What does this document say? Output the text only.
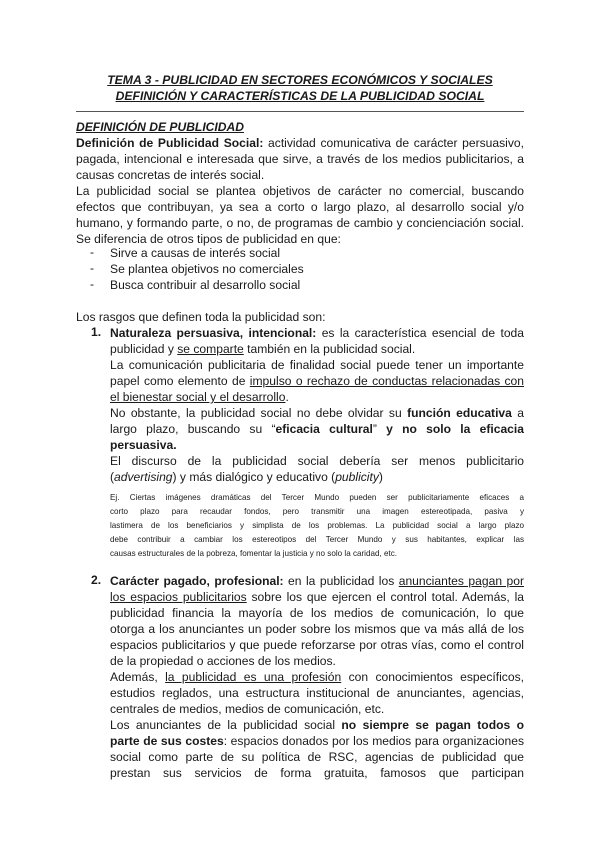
TEMA 3 - PUBLICIDAD EN SECTORES ECONÓMICOS Y SOCIALES
DEFINICIÓN Y CARACTERÍSTICAS DE LA PUBLICIDAD SOCIAL
DEFINICIÓN DE PUBLICIDAD
Definición de Publicidad Social: actividad comunicativa de carácter persuasivo,
pagada, intencional e interesada que sirve, a través de los medios publicitarios, a
causas concretas de interés social.
La publicidad social se plantea objetivos de carácter no comercial, buscando
efectos que contribuyan, ya sea a corto o largo plazo, al desarrollo social y/o
humano, y formando parte, o no, de programas de cambio y concienciación social.
Se diferencia de otros tipos de publicidad en que:
- Sirve a causas de interés social
- Se plantea objetivos no comerciales
- Busca contribuir al desarrollo social
Los rasgos que definen toda la publicidad son:
1. Naturaleza persuasiva, intencional: es la característica esencial de toda
publicidad y se comparte también en la publicidad social.
La comunicación publicitaria de finalidad social puede tener un importante
papel como elemento de impulso o rechazo de conductas relacionadas con
el bienestar social y el desarrollo.
No obstante, la publicidad social no debe olvidar su función educativa a
largo plazo, buscando su “eficacia cultural” y no solo la eficacia
persuasiva.
El discurso de la publicidad social debería ser menos publicitario
(advertising) y más dialógico y educativo (publicity)
Ej. Ciertas imágenes dramáticas del Tercer Mundo pueden ser publicitariamente eficaces a
corto plazo para recaudar fondos, pero transmitir una imagen estereotipada, pasiva y
lastimera de los beneficiarios y simplista de los problemas. La publicidad social a largo plazo
debe contribuir a cambiar los estereotipos del Tercer Mundo y sus habitantes, explicar las
causas estructurales de la pobreza, fomentar la justicia y no solo la caridad, etc.
2. Carácter pagado, profesional: en la publicidad los anunciantes pagan por
los espacios publicitarios sobre los que ejercen el control total. Además, la
publicidad financia la mayoría de los medios de comunicación, lo que
otorga a los anunciantes un poder sobre los mismos que va más allá de los
espacios publicitarios y que puede reforzarse por otras vías, como el control
de la propiedad o acciones de los medios.
Además, la publicidad es una profesión con conocimientos específicos,
estudios reglados, una estructura institucional de anunciantes, agencias,
centrales de medios, medios de comunicación, etc.
Los anunciantes de la publicidad social no siempre se pagan todos o
parte de sus costes: espacios donados por los medios para organizaciones
social como parte de su política de RSC, agencias de publicidad que
prestan sus servicios de forma gratuita, famosos que participan
